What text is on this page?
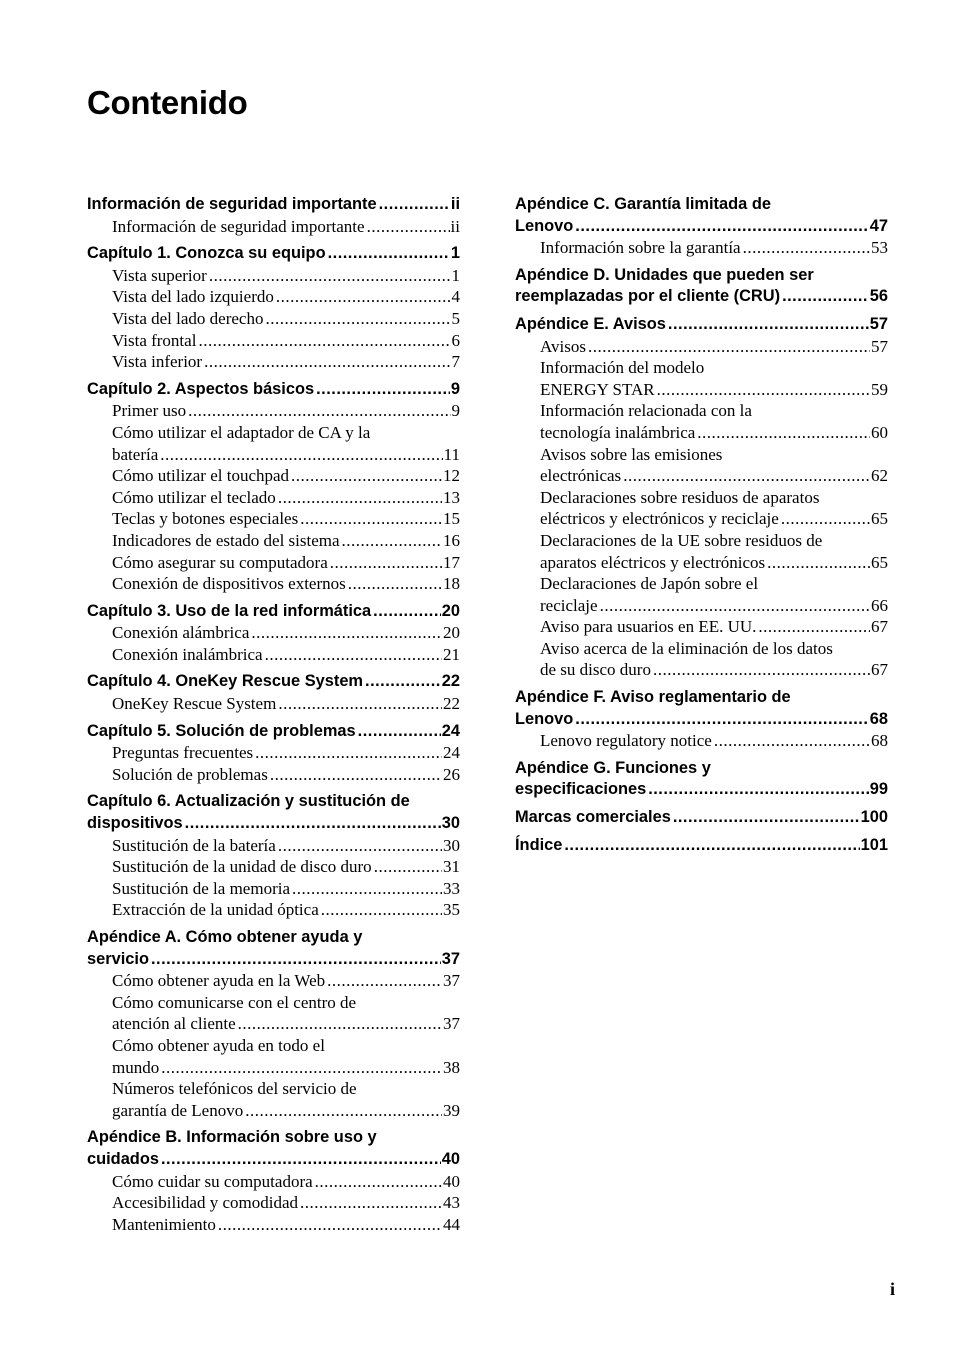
Contenido
Información de seguridad importante .....	ii
Información de seguridad importante .....	ii
Capítulo 1. Conozca su equipo .....	1
Vista superior .....	1
Vista del lado izquierdo .....	4
Vista del lado derecho .....	5
Vista frontal .....	6
Vista inferior .....	7
Capítulo 2. Aspectos básicos .....	9
Primer uso .....	9
Cómo utilizar el adaptador de CA y la
batería .....	11
Cómo utilizar el touchpad .....	12
Cómo utilizar el teclado .....	13
Teclas y botones especiales .....	15
Indicadores de estado del sistema .....	16
Cómo asegurar su computadora .....	17
Conexión de dispositivos externos .....	18
Capítulo 3. Uso de la red informática .....	20
Conexión alámbrica .....	20
Conexión inalámbrica .....	21
Capítulo 4. OneKey Rescue System .....	22
OneKey Rescue System .....	22
Capítulo 5. Solución de problemas .....	24
Preguntas frecuentes .....	24
Solución de problemas .....	26
Capítulo 6. Actualización y sustitución de
dispositivos .....	30
Sustitución de la batería .....	30
Sustitución de la unidad de disco duro .....	31
Sustitución de la memoria .....	33
Extracción de la unidad óptica .....	35
Apéndice A. Cómo obtener ayuda y
servicio .....	37
Cómo obtener ayuda en la Web .....	37
Cómo comunicarse con el centro de
atención al cliente .....	37
Cómo obtener ayuda en todo el
mundo .....	38
Números telefónicos del servicio de
garantía de Lenovo .....	39
Apéndice B. Información sobre uso y
cuidados .....	40
Cómo cuidar su computadora .....	40
Accesibilidad y comodidad .....	43
Mantenimiento .....	44
Apéndice C. Garantía limitada de
Lenovo .....	47
Información sobre la garantía .....	53
Apéndice D. Unidades que pueden ser
reemplazadas por el cliente (CRU) .....	56
Apéndice E. Avisos .....	57
Avisos .....	57
Información del modelo
ENERGY STAR .....	59
Información relacionada con la
tecnología inalámbrica .....	60
Avisos sobre las emisiones
electrónicas .....	62
Declaraciones sobre residuos de aparatos
eléctricos y electrónicos y reciclaje .....	65
Declaraciones de la UE sobre residuos de
aparatos eléctricos y electrónicos .....	65
Declaraciones de Japón sobre el
reciclaje .....	66
Aviso para usuarios en EE. UU. .....	67
Aviso acerca de la eliminación de los datos
de su disco duro .....	67
Apéndice F. Aviso reglamentario de
Lenovo .....	68
Lenovo regulatory notice .....	68
Apéndice G. Funciones y
especificaciones .....	99
Marcas comerciales .....	100
Índice .....	101
i
